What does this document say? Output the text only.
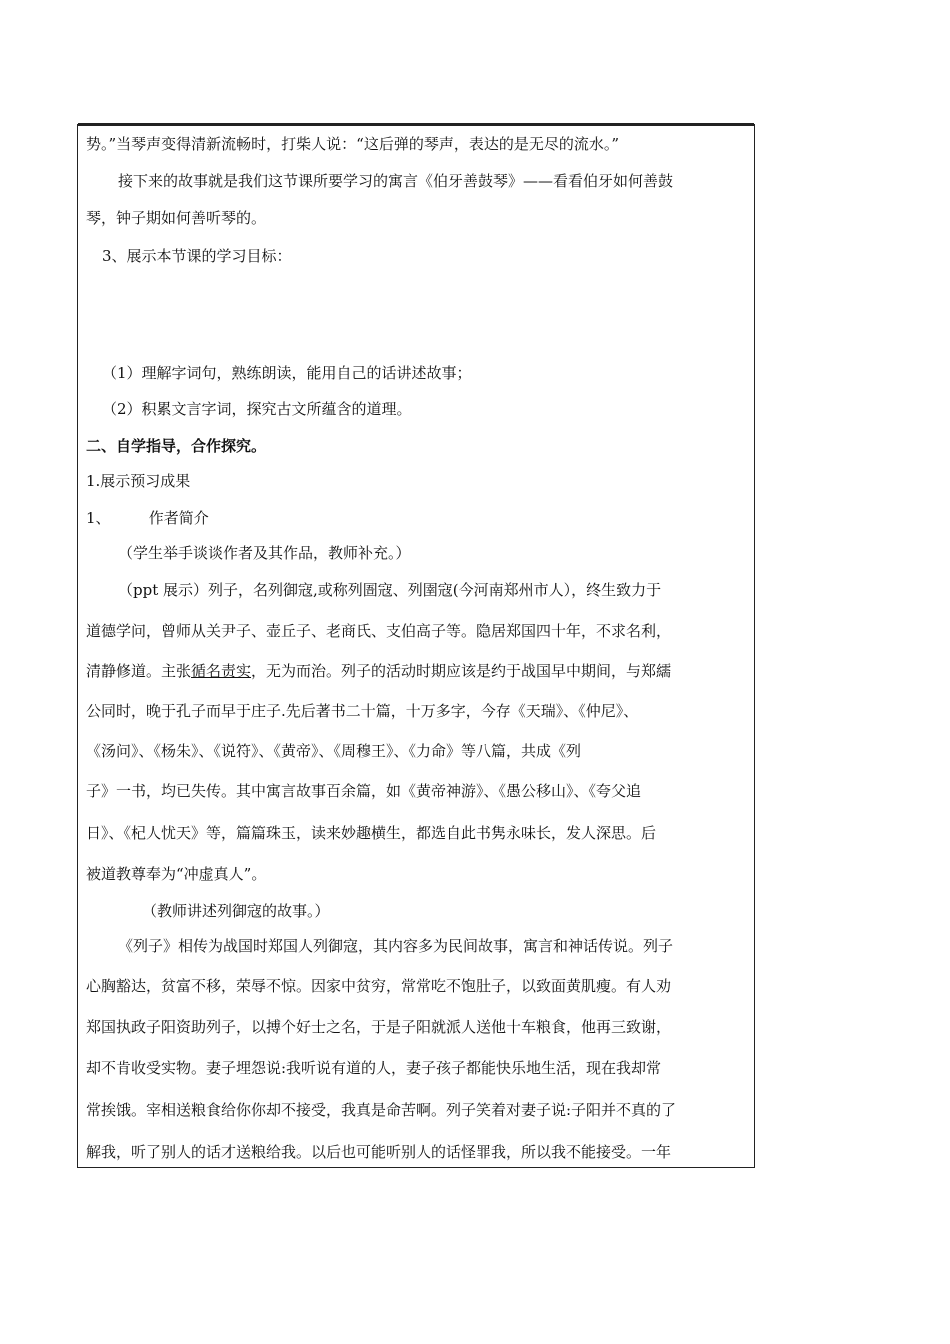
势。”当琴声变得清新流畅时，打柴人说：“这后弹的琴声，表达的是无尽的流水。”
接下来的故事就是我们这节课所要学习的寓言《伯牙善鼓琴》——看看伯牙如何善鼓
琴，钟子期如何善听琴的。
3、展示本节课的学习目标：
（1）理解字词句，熟练朗读，能用自己的话讲述故事；
（2）积累文言字词，探究古文所蕴含的道理。
二、自学指导，合作探究。
1.展示预习成果
1、        作者简介
（学生举手谈谈作者及其作品，教师补充。）
（ppt 展示）列子，名列御寇,或称列圄寇、列圉寇(今河南郑州市人），终生致力于
道德学问，曾师从关尹子、壶丘子、老商氏、支伯高子等。隐居郑国四十年，不求名利，
清静修道。主张循名责实，无为而治。列子的活动时期应该是约于战国早中期间，与郑繻
公同时，晚于孔子而早于庄子.先后著书二十篇，十万多字，今存《天瑞》、《仲尼》、
《汤问》、《杨朱》、《说符》、《黄帝》、《周穆王》、《力命》等八篇，共成《列
子》一书，均已失传。其中寓言故事百余篇，如《黄帝神游》、《愚公移山》、《夸父追
日》、《杞人忧天》等，篇篇珠玉，读来妙趣横生，都选自此书隽永味长，发人深思。后
被道教尊奉为“冲虚真人”。
（教师讲述列御寇的故事。）
《列子》相传为战国时郑国人列御寇，其内容多为民间故事，寓言和神话传说。列子
心胸豁达，贫富不移，荣辱不惊。因家中贫穷，常常吃不饱肚子，以致面黄肌瘦。有人劝
郑国执政子阳资助列子，以搏个好士之名，于是子阳就派人送他十车粮食，他再三致谢，
却不肯收受实物。妻子埋怨说:我听说有道的人，妻子孩子都能快乐地生活，现在我却常
常挨饿。宰相送粮食给你你却不接受，我真是命苦啊。列子笑着对妻子说:子阳并不真的了
解我，听了别人的话才送粮给我。以后也可能听别人的话怪罪我，所以我不能接受。一年
